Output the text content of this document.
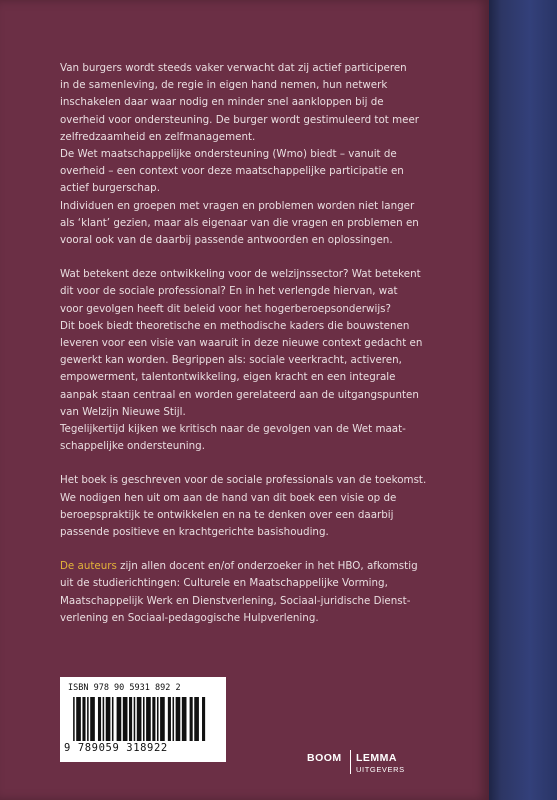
Van burgers wordt steeds vaker verwacht dat zij actief participeren
in de samenleving, de regie in eigen hand nemen, hun netwerk
inschakelen daar waar nodig en minder snel aankloppen bij de
overheid voor ondersteuning. De burger wordt gestimuleerd tot meer
zelfredzaamheid en zelfmanagement.

De Wet maatschappelijke ondersteuning (Wmo) biedt – vanuit de
overheid – een context voor deze maatschappelijke participatie en
actief burgerschap.

Individuen en groepen met vragen en problemen worden niet langer
als ‘klant’ gezien, maar als eigenaar van die vragen en problemen en
vooral ook van de daarbij passende antwoorden en oplossingen.

Wat betekent deze ontwikkeling voor de welzijnssector? Wat betekent
dit voor de sociale professional? En in het verlengde hiervan, wat
voor gevolgen heeft dit beleid voor het hogerberoepsonderwijs?

Dit boek biedt theoretische en methodische kaders die bouwstenen
leveren voor een visie van waaruit in deze nieuwe context gedacht en
gewerkt kan worden. Begrippen als: sociale veerkracht, activeren,
empowerment, talentontwikkeling, eigen kracht en een integrale
aanpak staan centraal en worden gerelateerd aan de uitgangspunten
van Welzijn Nieuwe Stijl.

Tegelijkertijd kijken we kritisch naar de gevolgen van de Wet maat-
schappelijke ondersteuning.

Het boek is geschreven voor de sociale professionals van de toekomst.
We nodigen hen uit om aan de hand van dit boek een visie op de
beroepspraktijk te ontwikkelen en na te denken over een daarbij
passende positieve en krachtgerichte basishouding.

De auteurs zijn allen docent en/of onderzoeker in het HBO, afkomstig
uit de studierichtingen: Culturele en Maatschappelijke Vorming,
Maatschappelijk Werk en Dienstverlening, Sociaal-juridische Dienst-
verlening en Sociaal-pedagogische Hulpverlening.

ISBN 978 90 5931 892 2
9 789059 318922
BOOM LEMMA
UITGEVERS
